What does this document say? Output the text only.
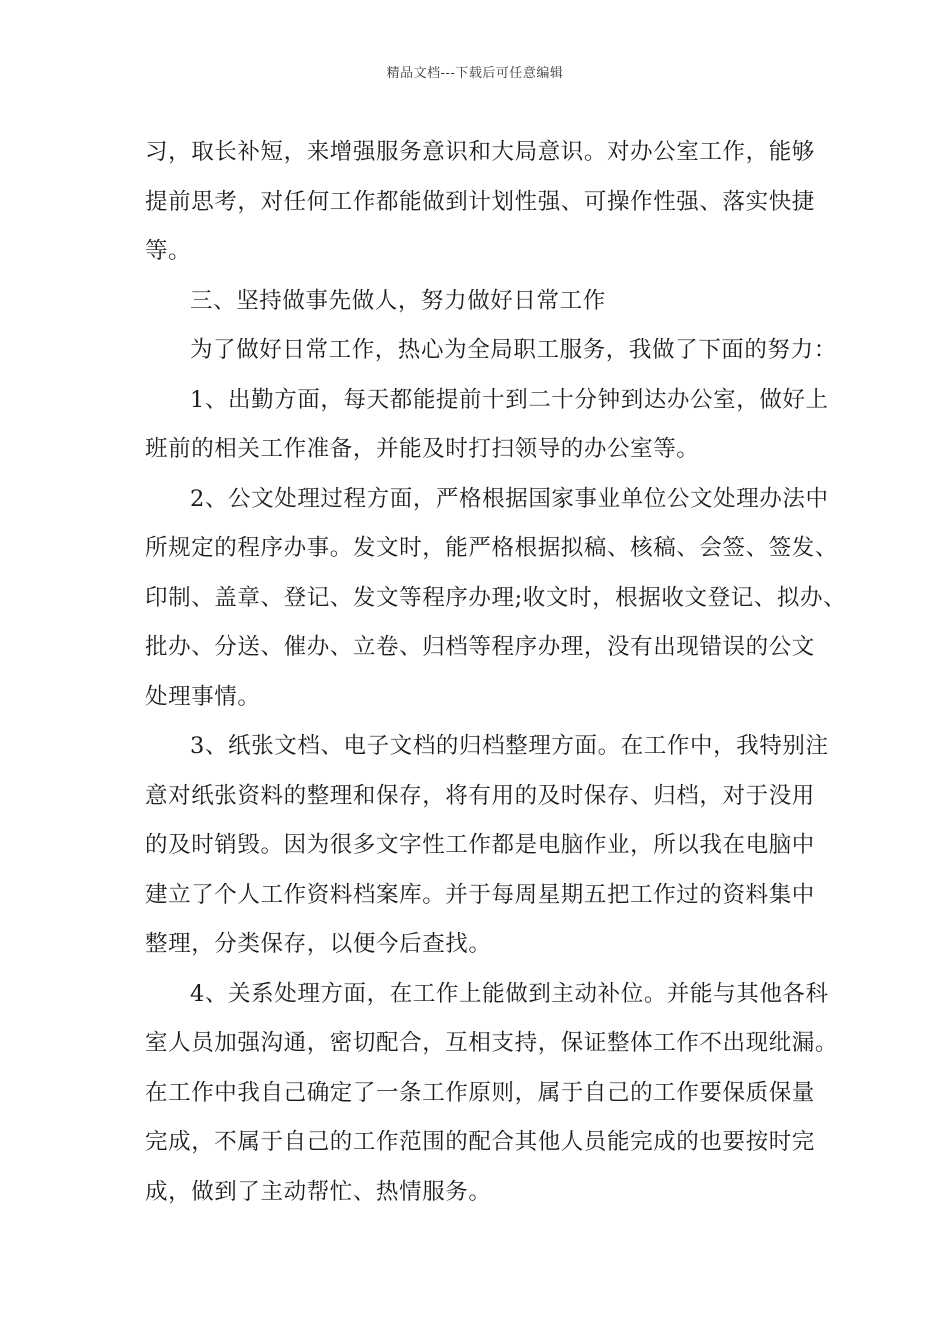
精品文档---下载后可任意编辑
习，取长补短，来增强服务意识和大局意识。对办公室工作，能够
提前思考，对任何工作都能做到计划性强、可操作性强、落实快捷
等。
三、坚持做事先做人，努力做好日常工作
为了做好日常工作，热心为全局职工服务，我做了下面的努力：
1、出勤方面，每天都能提前十到二十分钟到达办公室，做好上
班前的相关工作准备，并能及时打扫领导的办公室等。
2、公文处理过程方面，严格根据国家事业单位公文处理办法中
所规定的程序办事。发文时，能严格根据拟稿、核稿、会签、签发、
印制、盖章、登记、发文等程序办理;收文时，根据收文登记、拟办、
批办、分送、催办、立卷、归档等程序办理，没有出现错误的公文
处理事情。
3、纸张文档、电子文档的归档整理方面。在工作中，我特别注
意对纸张资料的整理和保存，将有用的及时保存、归档，对于没用
的及时销毁。因为很多文字性工作都是电脑作业，所以我在电脑中
建立了个人工作资料档案库。并于每周星期五把工作过的资料集中
整理，分类保存，以便今后查找。
4、关系处理方面，在工作上能做到主动补位。并能与其他各科
室人员加强沟通，密切配合，互相支持，保证整体工作不出现纰漏。
在工作中我自己确定了一条工作原则，属于自己的工作要保质保量
完成，不属于自己的工作范围的配合其他人员能完成的也要按时完
成，做到了主动帮忙、热情服务。
